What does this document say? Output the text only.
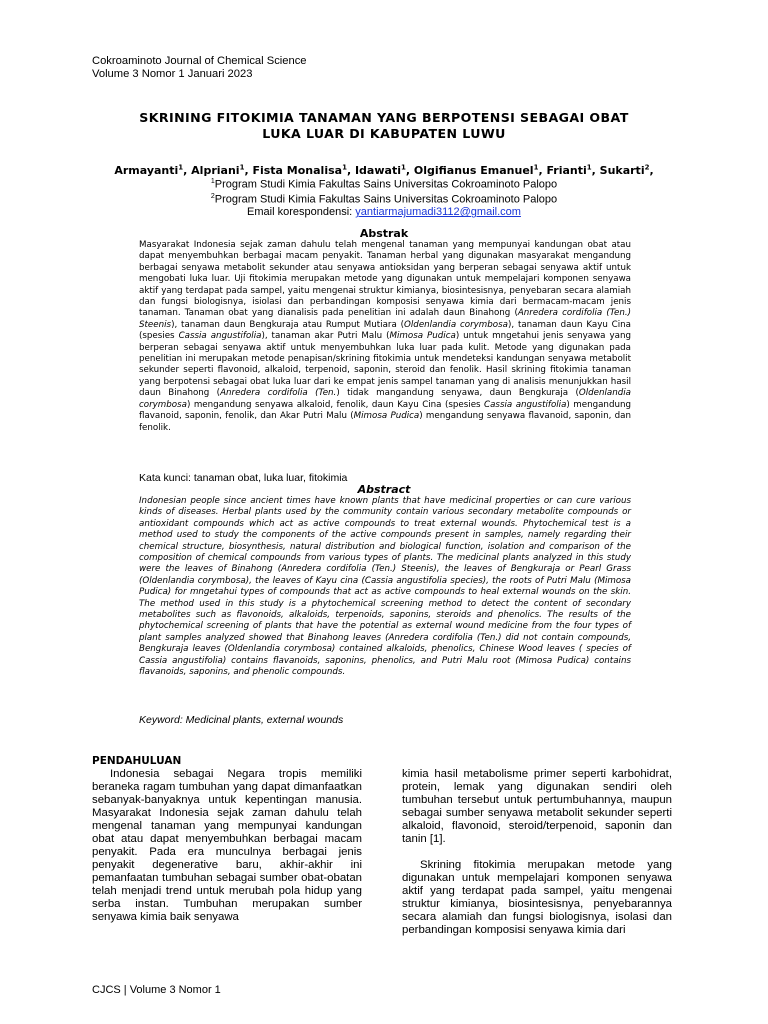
Cokroaminoto Journal of Chemical Science
Volume 3 Nomor 1 Januari 2023
SKRINING FITOKIMIA TANAMAN YANG BERPOTENSI SEBAGAI OBAT
LUKA LUAR DI KABUPATEN LUWU
Armayanti$^1$, Alpriani$^1$, Fista Monalisa$^1$, Idawati$^1$, Olgifianus Emanuel$^1$, Frianti$^1$, Sukarti$^2$,
$^1$Program Studi Kimia Fakultas Sains Universitas Cokroaminoto Palopo
$^2$Program Studi Kimia Fakultas Sains Universitas Cokroaminoto Palopo
Email korespondensi: yantiarmajumadi3112@gmail.com
Abstrak
Masyarakat Indonesia sejak zaman dahulu telah mengenal tanaman yang mempunyai kandungan obat atau dapat menyembuhkan berbagai macam penyakit. Tanaman herbal yang digunakan masyarakat mengandung berbagai senyawa metabolit sekunder atau senyawa antioksidan yang berperan sebagai senyawa aktif untuk mengobati luka luar. Uji fitokimia merupakan metode yang digunakan untuk mempelajari komponen senyawa aktif yang terdapat pada sampel, yaitu mengenai struktur kimianya, biosintesisnya, penyebaran secara alamiah dan fungsi biologisnya, isiolasi dan perbandingan komposisi senyawa kimia dari bermacam-macam jenis tanaman. Tanaman obat yang dianalisis pada penelitian ini adalah daun Binahong (Anredera cordifolia (Ten.) Steenis), tanaman daun Bengkuraja atau Rumput Mutiara (Oldenlandia corymbosa), tanaman daun Kayu Cina (spesies Cassia angustifolia), tanaman akar Putri Malu (Mimosa Pudica) untuk mngetahui jenis senyawa yang berperan sebagai senyawa aktif untuk menyembuhkan luka luar pada kulit. Metode yang digunakan pada penelitian ini merupakan metode penapisan/skrining fitokimia untuk mendeteksi kandungan senyawa metabolit sekunder seperti flavonoid, alkaloid, terpenoid, saponin, steroid dan fenolik. Hasil skrining fitokimia tanaman yang berpotensi sebagai obat luka luar dari ke empat jenis sampel tanaman yang di analisis menunjukkan hasil daun Binahong (Anredera cordifolia (Ten.) tidak mangandung senyawa, daun Bengkuraja (Oldenlandia corymbosa) mengandung senyawa alkaloid, fenolik, daun Kayu Cina (spesies Cassia angustifolia) mengandung flavanoid, saponin, fenolik, dan Akar Putri Malu (Mimosa Pudica) mengandung senyawa flavanoid, saponin, dan fenolik.
Kata kunci: tanaman obat, luka luar, fitokimia
Abstract
Indonesian people since ancient times have known plants that have medicinal properties or can cure various kinds of diseases. Herbal plants used by the community contain various secondary metabolite compounds or antioxidant compounds which act as active compounds to treat external wounds. Phytochemical test is a method used to study the components of the active compounds present in samples, namely regarding their chemical structure, biosynthesis, natural distribution and biological function, isolation and comparison of the composition of chemical compounds from various types of plants. The medicinal plants analyzed in this study were the leaves of Binahong (Anredera cordifolia (Ten.) Steenis), the leaves of Bengkuraja or Pearl Grass (Oldenlandia corymbosa), the leaves of Kayu cina (Cassia angustifolia species), the roots of Putri Malu (Mimosa Pudica) for mngetahui types of compounds that act as active compounds to heal external wounds on the skin. The method used in this study is a phytochemical screening method to detect the content of secondary metabolites such as flavonoids, alkaloids, terpenoids, saponins, steroids and phenolics. The results of the phytochemical screening of plants that have the potential as external wound medicine from the four types of plant samples analyzed showed that Binahong leaves (Anredera cordifolia (Ten.) did not contain compounds, Bengkuraja leaves (Oldenlandia corymbosa) contained alkaloids, phenolics, Chinese Wood leaves ( species of Cassia angustifolia) contains flavanoids, saponins, phenolics, and Putri Malu root (Mimosa Pudica) contains flavanoids, saponins, and phenolic compounds.
Keyword: Medicinal plants, external wounds
PENDAHULUAN

Indonesia sebagai Negara tropis memiliki beraneka ragam tumbuhan yang dapat dimanfaatkan sebanyak-banyaknya untuk kepentingan manusia. Masyarakat Indonesia sejak zaman dahulu telah mengenal tanaman yang mempunyai kandungan obat atau dapat menyembuhkan berbagai macam penyakit. Pada era munculnya berbagai jenis penyakit degenerative baru, akhir-akhir ini pemanfaatan tumbuhan sebagai sumber obat-obatan telah menjadi trend untuk merubah pola hidup yang serba instan. Tumbuhan merupakan sumber senyawa kimia baik senyawa

kimia hasil metabolisme primer seperti karbohidrat, protein, lemak yang digunakan sendiri oleh tumbuhan tersebut untuk pertumbuhannya, maupun sebagai sumber senyawa metabolit sekunder seperti alkaloid, flavonoid, steroid/terpenoid, saponin dan tanin [1].

Skrining fitokimia merupakan metode yang digunakan untuk mempelajari komponen senyawa aktif yang terdapat pada sampel, yaitu mengenai struktur kimianya, biosintesisnya, penyebarannya secara alamiah dan fungsi biologisnya, isolasi dan perbandingan komposisi senyawa kimia dari

CJCS | Volume 3 Nomor 1
